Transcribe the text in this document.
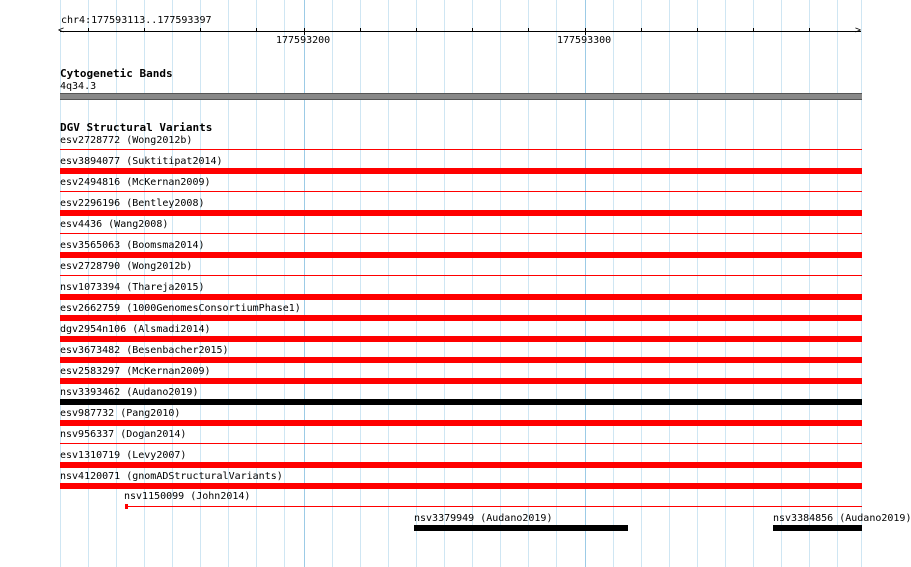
chr4:177593113..177593397
<	>
177593200	177593300
Cytogenetic Bands
4q34.3
DGV Structural Variants
esv2728772 (Wong2012b)
esv3894077 (Suktitipat2014)
esv2494816 (McKernan2009)
esv2296196 (Bentley2008)
esv4436 (Wang2008)
esv3565063 (Boomsma2014)
esv2728790 (Wong2012b)
nsv1073394 (Thareja2015)
esv2662759 (1000GenomesConsortiumPhase1)
dgv2954n106 (Alsmadi2014)
esv3673482 (Besenbacher2015)
esv2583297 (McKernan2009)
nsv3393462 (Audano2019)
esv987732 (Pang2010)
nsv956337 (Dogan2014)
esv1310719 (Levy2007)
nsv4120071 (gnomADStructuralVariants)
nsv1150099 (John2014)
nsv3379949 (Audano2019)	nsv3384856 (Audano2019)
